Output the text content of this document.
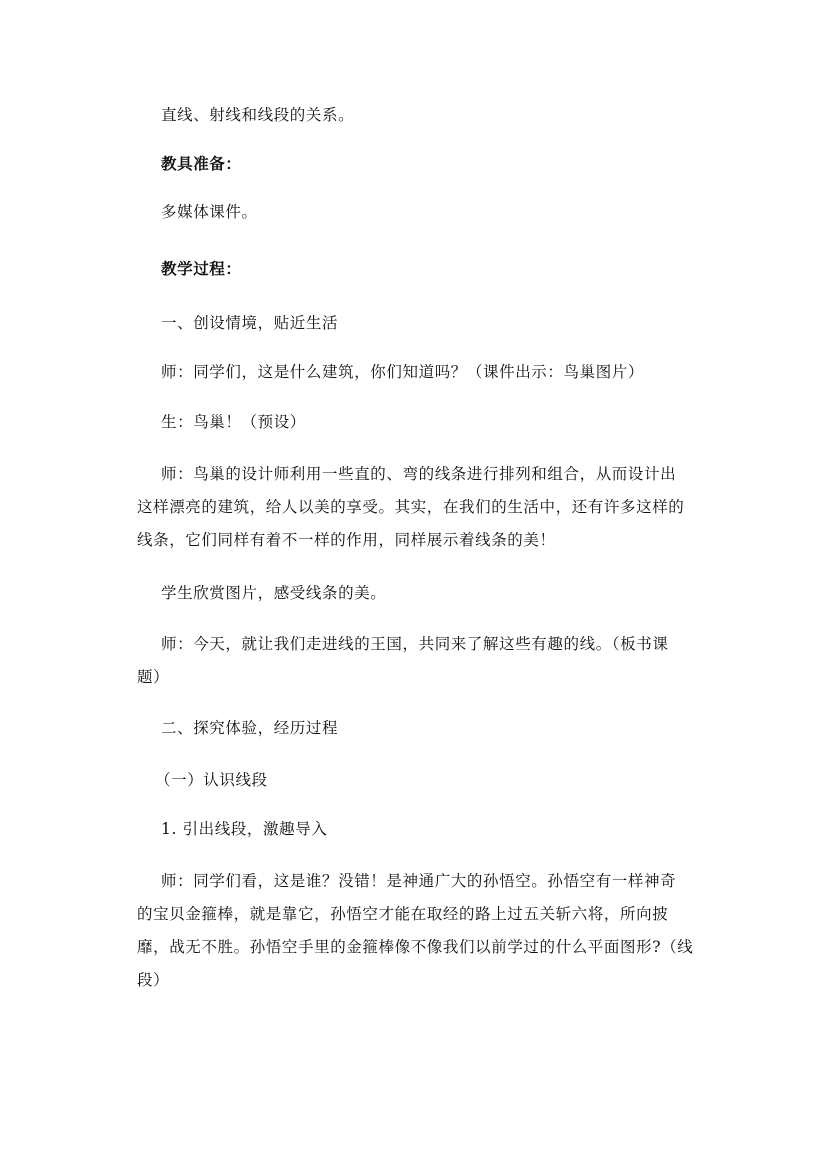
直线、射线和线段的关系。
教具准备：
多媒体课件。
教学过程：
一、创设情境，贴近生活
师：同学们，这是什么建筑，你们知道吗？（课件出示：鸟巢图片）
生：鸟巢！（预设）
师：鸟巢的设计师利用一些直的、弯的线条进行排列和组合，从而设计出
这样漂亮的建筑，给人以美的享受。其实，在我们的生活中，还有许多这样的
线条，它们同样有着不一样的作用，同样展示着线条的美！
学生欣赏图片，感受线条的美。
师：今天，就让我们走进线的王国，共同来了解这些有趣的线。（板书课
题）
二、探究体验，经历过程
（一）认识线段
1. 引出线段，激趣导入
师：同学们看，这是谁？没错！是神通广大的孙悟空。孙悟空有一样神奇
的宝贝金箍棒，就是靠它，孙悟空才能在取经的路上过五关斩六将，所向披
靡，战无不胜。孙悟空手里的金箍棒像不像我们以前学过的什么平面图形?（线
段）
